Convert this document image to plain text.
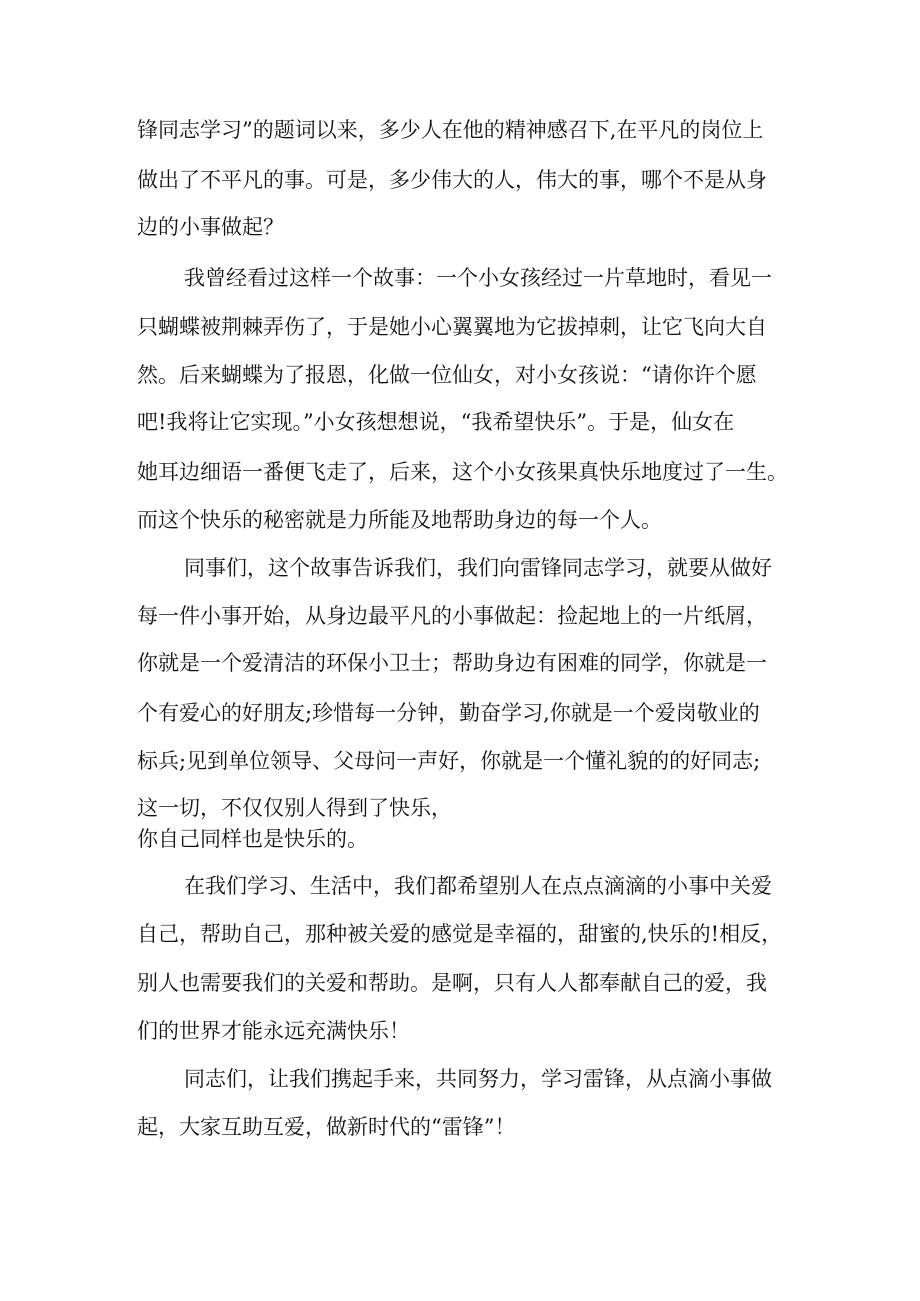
锋同志学习”的题词以来，多少人在他的精神感召下,在平凡的岗位上
做出了不平凡的事。可是，多少伟大的人，伟大的事，哪个不是从身
边的小事做起？
我曾经看过这样一个故事：一个小女孩经过一片草地时，看见一
只蝴蝶被荆棘弄伤了，于是她小心翼翼地为它拔掉刺，让它飞向大自
然。后来蝴蝶为了报恩，化做一位仙女，对小女孩说：“请你许个愿
吧!我将让它实现。”小女孩想想说，“我希望快乐”。于是，仙女在
她耳边细语一番便飞走了，后来，这个小女孩果真快乐地度过了一生。
而这个快乐的秘密就是力所能及地帮助身边的每一个人。
同事们，这个故事告诉我们，我们向雷锋同志学习，就要从做好
每一件小事开始，从身边最平凡的小事做起：捡起地上的一片纸屑，
你就是一个爱清洁的环保小卫士；帮助身边有困难的同学，你就是一
个有爱心的好朋友;珍惜每一分钟，勤奋学习,你就是一个爱岗敬业的
标兵;见到单位领导、父母问一声好，你就是一个懂礼貌的的好同志;
这一切，不仅仅别人得到了快乐，
你自己同样也是快乐的。
在我们学习、生活中，我们都希望别人在点点滴滴的小事中关爱
自己，帮助自己，那种被关爱的感觉是幸福的，甜蜜的,快乐的!相反，
别人也需要我们的关爱和帮助。是啊，只有人人都奉献自己的爱，我
们的世界才能永远充满快乐！
同志们，让我们携起手来，共同努力，学习雷锋，从点滴小事做
起，大家互助互爱，做新时代的“雷锋”！
